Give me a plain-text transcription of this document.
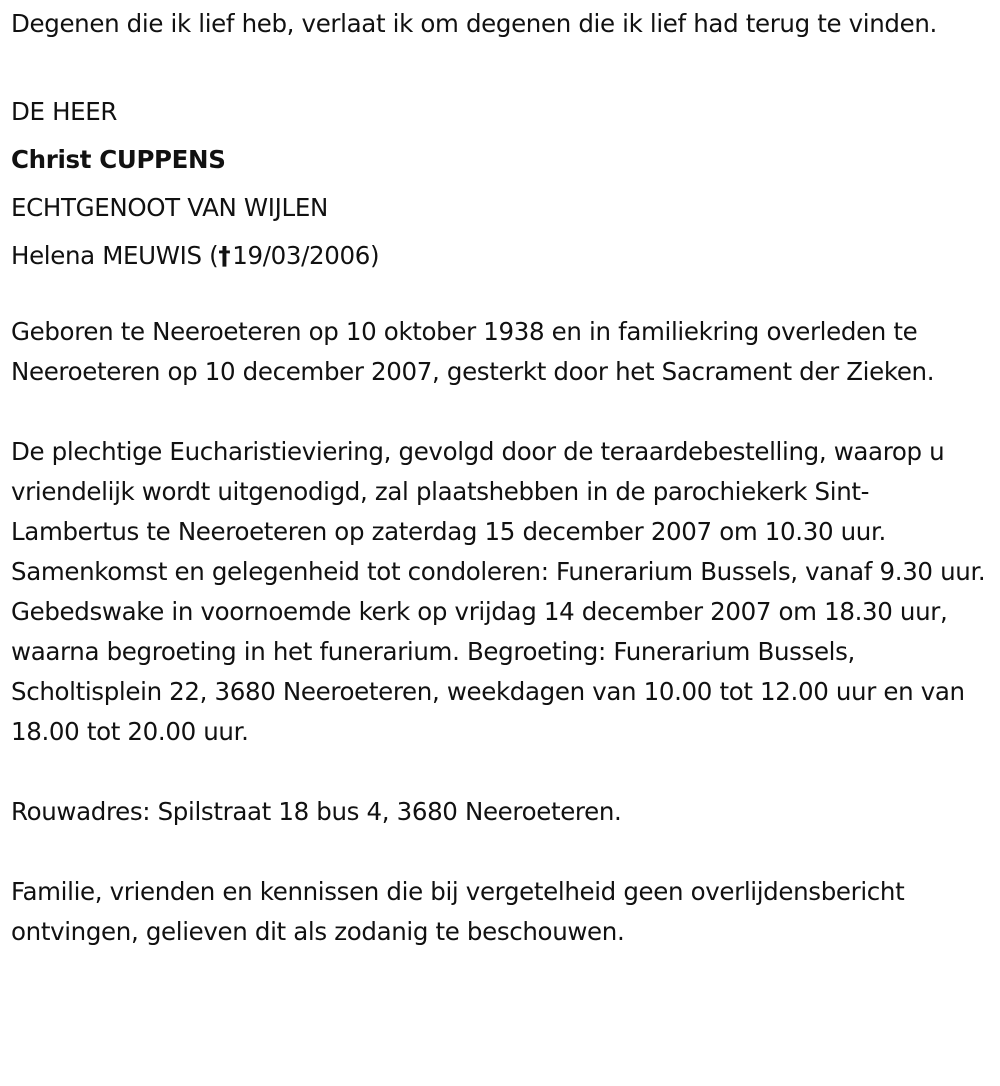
Degenen die ik lief heb, verlaat ik om degenen die ik lief had terug te vinden.

DE HEER

Christ CUPPENS

ECHTGENOOT VAN WIJLEN

Helena MEUWIS (†19/03/2006)

Geboren te Neeroeteren op 10 oktober 1938 en in familiekring overleden te Neeroeteren op 10 december 2007, gesterkt door het Sacrament der Zieken.

De plechtige Eucharistieviering, gevolgd door de teraardebestelling, waarop u vriendelijk wordt uitgenodigd, zal plaatshebben in de parochiekerk Sint-Lambertus te Neeroeteren op zaterdag 15 december 2007 om 10.30 uur. Samenkomst en gelegenheid tot condoleren: Funerarium Bussels, vanaf 9.30 uur. Gebedswake in voornoemde kerk op vrijdag 14 december 2007 om 18.30 uur, waarna begroeting in het funerarium. Begroeting: Funerarium Bussels, Scholtisplein 22, 3680 Neeroeteren, weekdagen van 10.00 tot 12.00 uur en van 18.00 tot 20.00 uur.

Rouwadres: Spilstraat 18 bus 4, 3680 Neeroeteren.

Familie, vrienden en kennissen die bij vergetelheid geen overlijdensbericht ontvingen, gelieven dit als zodanig te beschouwen.
